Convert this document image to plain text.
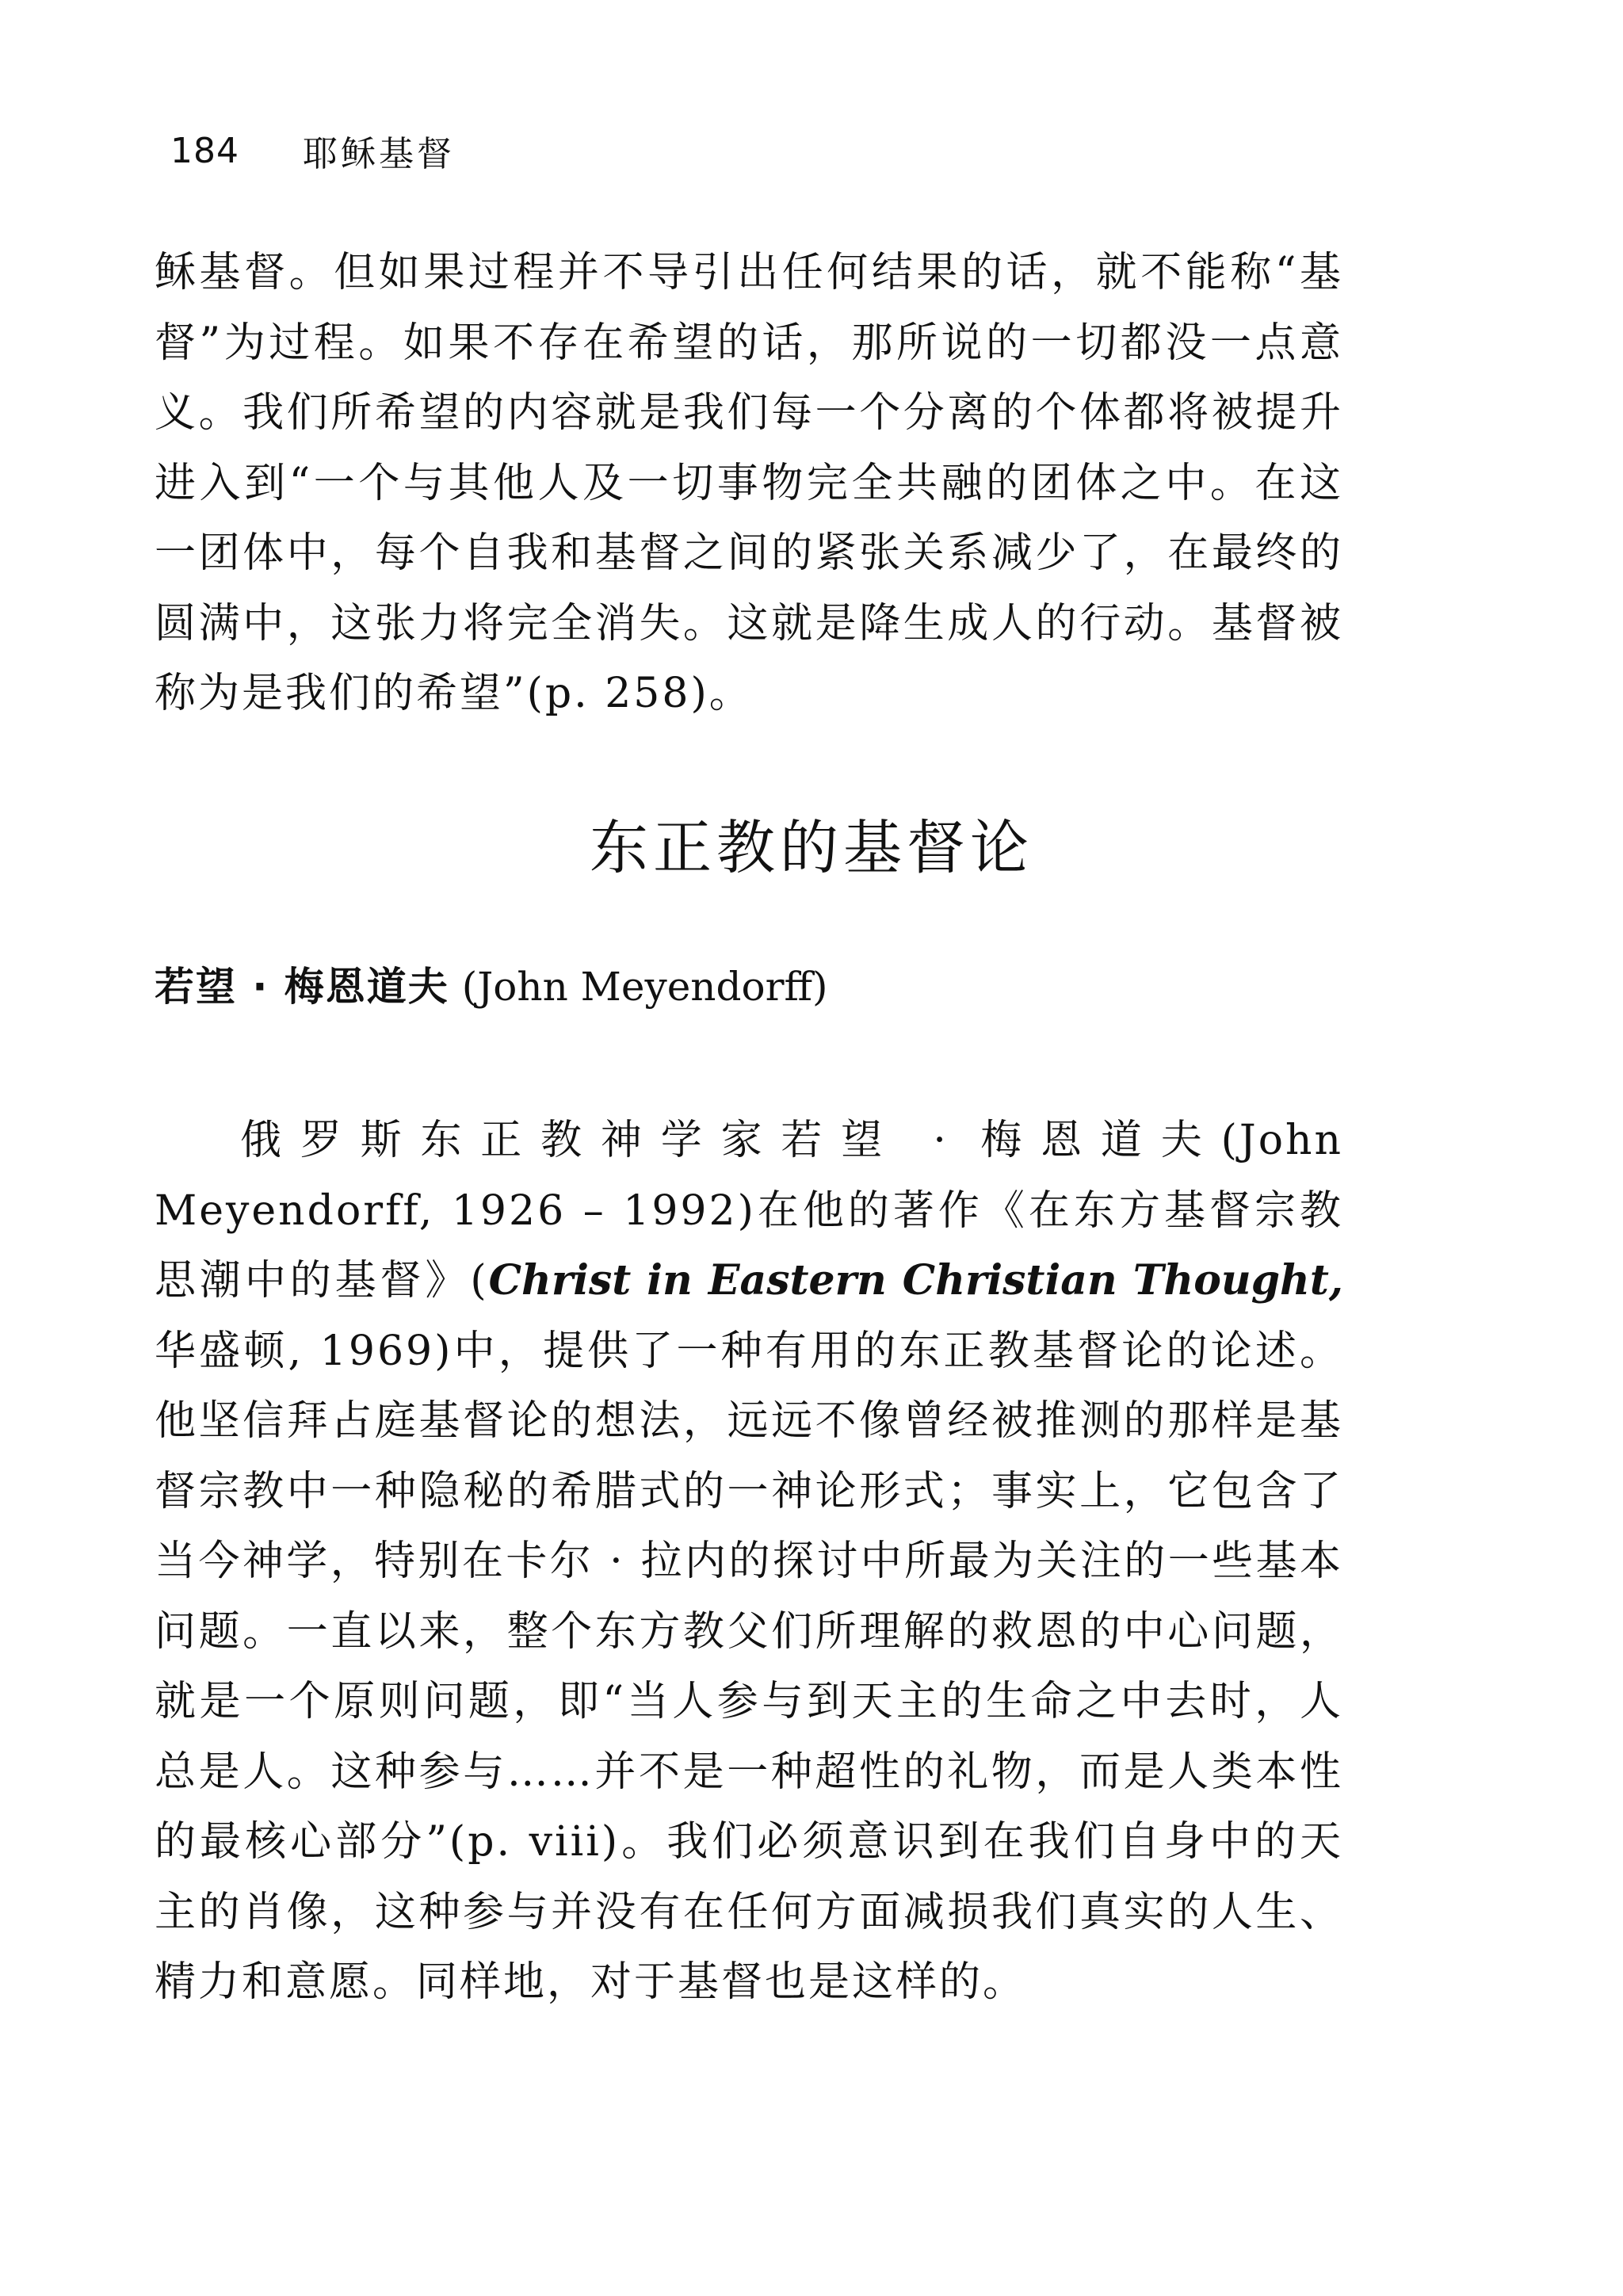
184 耶稣基督

稣基督。但如果过程并不导引出任何结果的话，就不能称“基督”为过程。如果不存在希望的话，那所说的一切都没一点意义。我们所希望的内容就是我们每一个分离的个体都将被提升进入到“一个与其他人及一切事物完全共融的团体之中。在这一团体中，每个自我和基督之间的紧张关系减少了，在最终的圆满中，这张力将完全消失。这就是降生成人的行动。基督被称为是我们的希望”(p. 258)。

东正教的基督论

若望 · 梅恩道夫 (John Meyendorff)

俄罗斯东正教神学家若望 · 梅恩道夫(John Meyendorff, 1926 – 1992)在他的著作《在东方基督宗教思潮中的基督》(Christ in Eastern Christian Thought, 华盛顿, 1969)中，提供了一种有用的东正教基督论的论述。他坚信拜占庭基督论的想法，远远不像曾经被推测的那样是基督宗教中一种隐秘的希腊式的一神论形式；事实上，它包含了当今神学，特别在卡尔 · 拉内的探讨中所最为关注的一些基本问题。一直以来，整个东方教父们所理解的救恩的中心问题，就是一个原则问题，即“当人参与到天主的生命之中去时，人总是人。这种参与……并不是一种超性的礼物，而是人类本性的最核心部分”(p. viii)。我们必须意识到在我们自身中的天主的肖像，这种参与并没有在任何方面减损我们真实的人生、精力和意愿。同样地，对于基督也是这样的。
